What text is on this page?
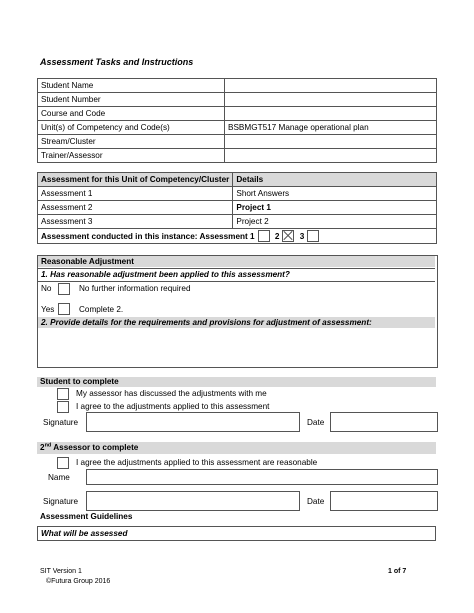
Assessment Tasks and Instructions
Student Name	
Student Number	
Course and Code	
Unit(s) of Competency and Code(s)	BSBMGT517 Manage operational plan
Stream/Cluster	
Trainer/Assessor	
Assessment for this Unit of Competency/Cluster	Details
Assessment 1	Short Answers
Assessment 2	Project 1
Assessment 3	Project 2
Assessment conducted in this instance: Assessment 1 2 3	
Reasonable Adjustment
1. Has reasonable adjustment been applied to this assessment?
No	No further information required
Yes	Complete 2.
2. Provide details for the requirements and provisions for adjustment of assessment:
Student to complete
My assessor has discussed the adjustments with me
I agree to the adjustments applied to this assessment
Signature	Date
2nd Assessor to complete
I agree the adjustments applied to this assessment are reasonable
Name
Signature	Date
Assessment Guidelines
What will be assessed
SIT Version 1
©Futura Group 2016
1 of 7
